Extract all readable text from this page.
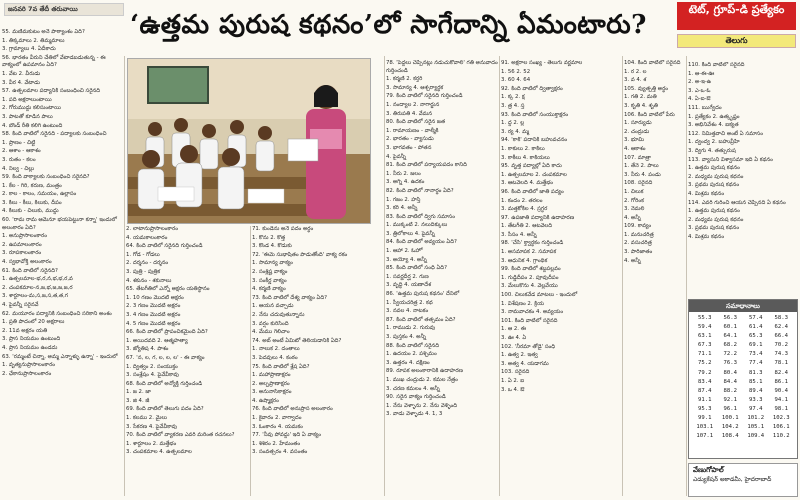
జనవరి 7వ తేదీ తరువాయి
‘ఉత్తమ పురుష కథనం’లో సాగేదాన్ని ఏమంటారు?
టెట్, గ్రూప్-డి ప్రత్యేకం
తెలుగు
55. మణిమకుటం అనే పాఠ్యాంశం ఏది?
1. తిక్కమాలు 2. తిమ్మమాలు
3. గ్రామ్యాలు 4. ఏదీకాదు
56. భారతం వీరుని చేతిలో వేటాడబడుతున్న - ఈ వాక్యంలో ఉపమానం ఏది?
1. వేట 2. వీరుడు
3. వీర 4. వేటాడు
57. ఉత్పలమాల పద్యానికి సంబంధించి సరైనది
1. పది అక్షరాలుంటాయి
2. గోరుముద్దు కలిసుంటాయి
3. పాటతో కూడిన పాలు
4. బౌండ్ రీతి కలిగి ఉంటుంది
58. కింది వాటిలో సరైనది - పద్యాలకు సంబంధించి
1. ప్రాణం - చిట్టి
2. ఆశాం - ఆకాశం
3. రుతం - కలం
4. నిల్వ - చిల్లు
59. కింది వాక్యాలకు సంబంధించి సరైనది?
1. కేల - గిరి, కరుణ, మంత్రం
2. కాల - కాలం, సమయం, ఉల్లాసం
3. కిలు - కీలు, కిలుకు, దీపం
4. కిలుకు - చిలుకు, ముద్దు
60. 'రామ రామ ఆమెనూ భయపెట్టునా కన్నా' ఇందులో అలంకారం ఏది?
1. అనుప్రాసాలంకారం
2. ఉపమాలంకారం
3. రూపకాలంకారం
4. స్వభావోక్తి అలంకారం
61. కింది వాటిలో సరైనది?
1. ఉత్పలమాల-భ,ర,న,భ,భ,ర,వ
2. చంపకమాల-న,జ,భ,జ,జ,జ,ర
3. శార్దూలం-మ,స,జ,స,త,త,గ
4. పైవన్నీ సరైనవే
62. మయూరం పద్యానికి సంబంధించి సరికాని అంశం
1. ప్రతి పాదంలో 20 అక్షరాలు
2. 11వ అక్షరం యతి
3. ప్రాస నియమం ఉంటుంది
4. ప్రాస నియమం ఉండదు
63. 'రమ్మంటే చిన్నా, అమ్మ ఎన్నాళ్ళు ఉన్నా' - ఇందులో
1. వృత్యనుప్రాసాలంకారం
2. ఛేకానుప్రాసాలంకారం
2. లాటానుప్రాసాలంకారం
4. యమకాలంకారం
64. కింది వాటిలో సరైనది గుర్తించండి
1. గోడ - గోడలు
2. దర్శనం - దర్శనం
3. పుత్రి - పుత్రిక
4. శకునం - శకునాలు
65. తేటగీతిలో ఎన్నో అక్షరం యతిస్థానం
1. 10 గణం మొదటి అక్షరం
2. 3 గణం మొదటి అక్షరం
3. 4 గణం మొదటి అక్షరం
4. 5 గణం మొదటి అక్షరం
66. కింది వాటిలో ప్రాపంచికమైంది ఏది?
1. అయిదవది 2. ఆత్మహత్యా
3. జ్యోతిష 4. పాశం
67. 'న, ల, గ, ల, ల, ల' - ఈ వాక్యం
1. ద్విత్వం 2. సంయుక్తం
3. సంశ్లేషం 4. పైవేవీకావు
68. కింది వాటిలో అన్యోక్తి గుర్తించండి
1. జ 2. జా
3. జి 4. జీ
69. కింది వాటిలో తెలుగు పదం ఏది?
1. కలము 2. మైలు
3. సేకరణ 4. పైవేవీకావు
70. కింది వాటిలో వ్యాకరణ ఎవరి మరింత రచనలు?
1. శార్దూలం 2. మత్తేభం
3. చంపకమాల 4. ఉత్పలమాల
71. కుండెను అనే పదం అర్థం
1. కొను 2. కొత్త
3. కొండ 4. కొడుకు
72. 'ఈమె సుభాషితం పాడుతోంది' వాక్య రకం
1. సామాన్య వాక్యం
2. సంశ్లిష్ట వాక్యం
3. సంకీర్ణ వాక్యం
4. కర్మణి వాక్యం
73. కింది వాటిలో దేశ్య వాక్యం ఏది?
1. ఆయన వచ్చాడు
2. నేను చదువుతున్నాను
3. వర్షం కురిసింది
4. మేము గెలిచాం
74. అబ్ అంటే ఏమిటో తెలియడానికి ఏది?
1. నాలుక 2. దంతాలు
3. పెదవులు 4. కంఠం
75. కింది వాటిలో శ్లేష ఏది?
1. మహాప్రాణాక్షరం
2. అల్పప్రాణాక్షరం
3. అనునాసికాక్షరం
4. ఉష్మాక్షరం
76. కింది వాటిలో అనుప్రాస అలంకారం
1. కైవారం 2. వాగ్వాదం
3. ఓంకారం 4. యమకం
77. 'నీవు పోవద్దు' ఇది ఏ వాక్యం
1. శిశిరం 2. హేమంతం
3. సంవత్సరం 4. వసంతం
78. 'పెద్దలు చెప్పినట్లు నడుచుకోవాలి' గతి అనువాదం గుర్తించండి
1. కర్మణి 2. కర్తరి
3. సామాన్య 4. ఆశ్చర్యార్థక
79. కింది వాటిలో సరైనది గుర్తించండి
1. నంద్యాల 2. నాగార్జున
3. తిరుపతి 4. వేమన
80. కింది వాటిలో సరైన జత
1. రామాయణం - వాల్మీకి
2. భారతం - వ్యాసుడు
3. భాగవతం - పోతన
4. పైవన్నీ
81. కింది వాటిలో పర్యాయపదం కానిది
1. నీరు 2. జలం
3. అగ్ని 4. ఉదకం
82. కింది వాటిలో నానార్థం ఏది?
1. గజం 2. హస్తి
3. కరి 4. అన్నీ
83. కింది వాటిలో ద్విగు సమాసం
1. ముక్కంటి 2. నలుదిక్కులు
3. త్రిలోకాలు 4. పైవన్నీ
84. కింది వాటిలో అవ్యయం ఏది?
1. ఆహా 2. ఓహో
3. అయ్యో 4. అన్నీ
85. కింది వాటిలో సంధి ఏది?
1. సవర్ణదీర్ఘ 2. గుణ
3. వృద్ధి 4. యణాదేశ
86. 'ఉత్తమ పురుష కథనం' దేనిలో
1. స్వీయచరిత్ర 2. కథ
3. నవల 4. నాటకం
87. కింది వాటిలో తత్సమం ఏది?
1. రాముడు 2. గురువు
3. పుస్తకం 4. అన్నీ
88. కింది వాటిలో సరైనది
1. ఉదయం 2. పశ్చిమం
3. ఉత్తరం 4. దక్షిణం
89. రూపక అలంకారానికి ఉదాహరణ
1. ముఖ చంద్రుడు 2. కమల నేత్రం
3. చరణ కమలం 4. అన్నీ
90. సరైన వాక్యం గుర్తించండి
1. నేను వెళ్ళాను 2. నేను వెళ్ళింది
3. వాడు వెళ్ళాడు 4. 1, 3
91. అక్షరాల సంఖ్య - తెలుగు వర్ణమాల
1. 56 2. 52
3. 60 4. 64
92. కింది వాటిలో ద్విత్వాక్షరం
1. క్క 2. క్ష
3. త్ర 4. స్త
93. కింది వాటిలో సంయుక్తాక్షరం
1. ద్ద 2. ల్ల
3. ర్య 4. మ్మ
94. 'కాకి' పదానికి బహువచనం
1. కాకులు 2. కాకిలు
3. కాకీలు 4. కాకియలు
95. వృత్త పద్యాల్లో ఏది కాదు
1. ఉత్పలమాల 2. చంపకమాల
3. ఆటవెలది 4. మత్తేభం
96. కింది వాటిలో జాతి పద్యం
1. కందం 2. తరలం
3. మత్తకోకిల 4. స్రగ్ధర
97. ఉపజాతి పద్యానికి ఉదాహరణ
1. తేటగీతి 2. ఆటవెలది
3. సీసం 4. అన్నీ
98. 'చేసి' క్త్వార్థకం గుర్తించండి
1. అసమాపక 2. సమాపక
3. ఆధునిక 4. గ్రాంథిక
99. కింది వాటిలో శబ్దపల్లవం
1. గుడ్డిదీపం 2. పూవుదీపం
3. మేలుకొను 4. వెల్లవేయు
100. చిలుకవేడ మాటలు - ఇందులో
1. విశేషణం 2. క్రియ
3. నామవాచకం 4. అవ్యయం
101. కింది వాటిలో సరైనది
1. ఆ 2. ఈ
3. ఊ 4. ఏ
102. 'నీరమా తోడై' సంధి
1. ఉత్వ 2. ఇత్వ
3. అత్వ 4. యడాగమ
103. సరైనది
1. ఏ 2. ఐ
3. ఒ 4. ఔ
104. కింది వాటిలో సరైనది
1. ర 2. ల
3. వ 4. శ
105. వ్యుత్పత్తి అర్థం
1. గతి 2. మతి
3. కృతి 4. శృతి
106. కింది వాటిలో పేరు
1. సూర్యుడు
2. చంద్రుడు
3. భూమి
4. ఆకాశం
107. మాత్రా
1. తేనె 2. పాలు
3. నీరు 4. పండు
108. సరైనది
1. చిలుక
2. గోరింక
3. నెమలి
4. అన్నీ
109. కావ్యం
1. మనుచరిత్ర
2. వసుచరిత్ర
3. పారిజాతం
4. అన్నీ
110. కింది వాటిలో సరైనది
1. ఆ-ఈ-ఊ
2. అ-ఇ-ఉ
3. ఎ-ఒ-ఓ
4. ఏ-ఐ-ఔ
111. ఋగ్వేదం
1. ప్రత్యేకం 2. ఉత్కృష్టం
3. అభినివేశం 4. ఐక్యత
112. నిమిత్తవాచి అంటే ఏ సమాసం
1. ద్వంద్వ 2. బహువ్రీహి
3. ద్విగు 4. తత్పురుష
113. వ్యాసుని విశ్వాసమా ఇది ఏ కథనం
1. ఉత్తమ పురుష కథనం
2. మధ్యమ పురుష కథనం
3. ప్రథమ పురుష కథనం
4. మిశ్రమ కథనం
114. ఎవరి గురించి ఆయన చెప్పినది ఏ కథనం
1. ఉత్తమ పురుష కథనం
2. మధ్యమ పురుష కథనం
3. ప్రథమ పురుష కథనం
4. మిశ్రమ కథనం
సమాధానాలు
55.3	56.3	57.4	58.3
59.4	60.1	61.4	62.4
63.1	64.1	65.3	66.4
67.3	68.2	69.1	70.2
71.1	72.2	73.4	74.3
75.2	76.3	77.4	78.1
79.2	80.4	81.3	82.4
83.4	84.4	85.1	86.1
87.4	88.2	89.4	90.4
91.1	92.1	93.3	94.1
95.3	96.1	97.4	98.1
99.1	100.1	101.2	102.3
103.1	104.2	105.1	106.1
107.1	108.4	109.4	110.2
వేణుగోపాల్
ఎడ్యుకేషన్ అకాడమీ, హైదరాబాద్
